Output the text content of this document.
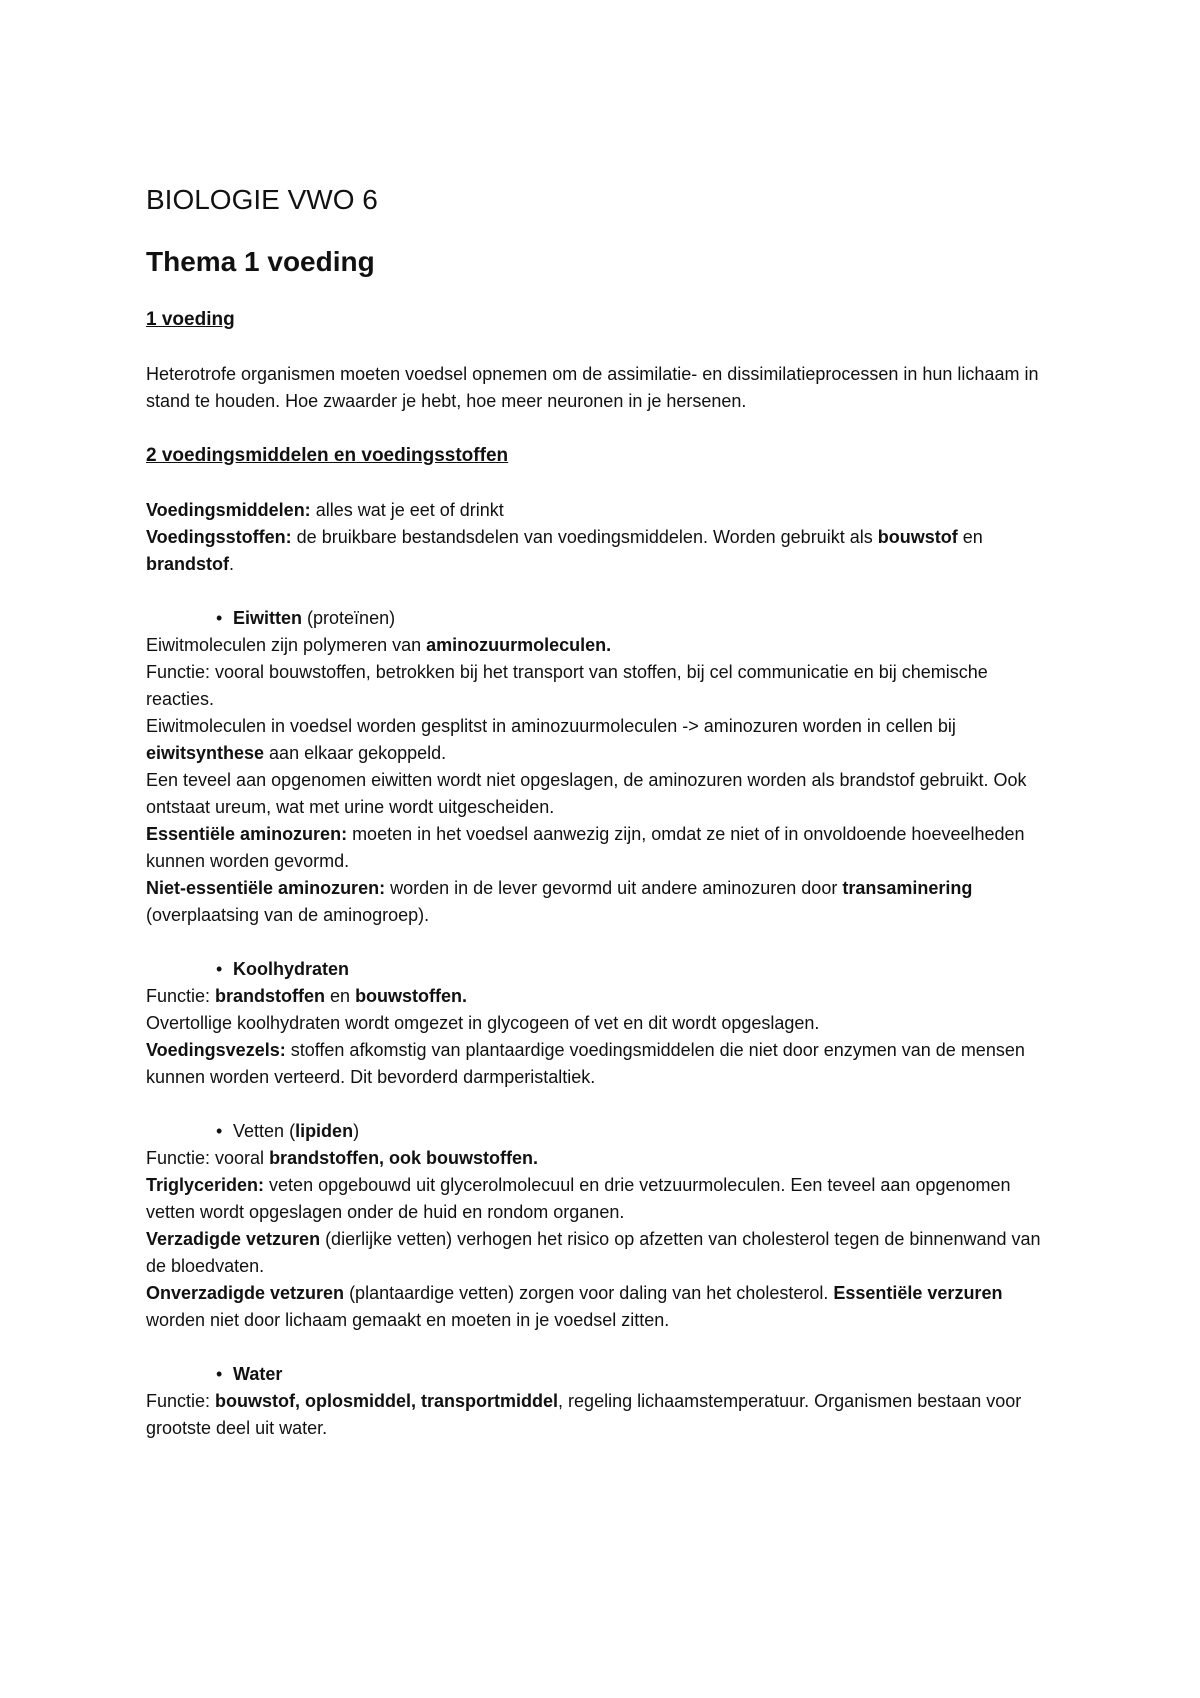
BIOLOGIE VWO 6
Thema 1 voeding
1 voeding

Heterotrofe organismen moeten voedsel opnemen om de assimilatie- en dissimilatieprocessen in hun lichaam in stand te houden. Hoe zwaarder je hebt, hoe meer neuronen in je hersenen.

2 voedingsmiddelen en voedingsstoffen

Voedingsmiddelen: alles wat je eet of drinkt

Voedingsstoffen: de bruikbare bestandsdelen van voedingsmiddelen. Worden gebruikt als bouwstof en brandstof.

• Eiwitten (proteïnen)

Eiwitmoleculen zijn polymeren van aminozuurmoleculen.

Functie: vooral bouwstoffen, betrokken bij het transport van stoffen, bij cel communicatie en bij chemische reacties.

Eiwitmoleculen in voedsel worden gesplitst in aminozuurmoleculen -> aminozuren worden in cellen bij eiwitsynthese aan elkaar gekoppeld.

Een teveel aan opgenomen eiwitten wordt niet opgeslagen, de aminozuren worden als brandstof gebruikt. Ook ontstaat ureum, wat met urine wordt uitgescheiden.

Essentiële aminozuren: moeten in het voedsel aanwezig zijn, omdat ze niet of in onvoldoende hoeveelheden kunnen worden gevormd.

Niet-essentiële aminozuren: worden in de lever gevormd uit andere aminozuren door transaminering (overplaatsing van de aminogroep).

• Koolhydraten

Functie: brandstoffen en bouwstoffen.

Overtollige koolhydraten wordt omgezet in glycogeen of vet en dit wordt opgeslagen.

Voedingsvezels: stoffen afkomstig van plantaardige voedingsmiddelen die niet door enzymen van de mensen kunnen worden verteerd. Dit bevorderd darmperistaltiek.

• Vetten (lipiden)

Functie: vooral brandstoffen, ook bouwstoffen.

Triglyceriden: veten opgebouwd uit glycerolmolecuul en drie vetzuurmoleculen. Een teveel aan opgenomen vetten wordt opgeslagen onder de huid en rondom organen.

Verzadigde vetzuren (dierlijke vetten) verhogen het risico op afzetten van cholesterol tegen de binnenwand van de bloedvaten.

Onverzadigde vetzuren (plantaardige vetten) zorgen voor daling van het cholesterol. Essentiële verzuren worden niet door lichaam gemaakt en moeten in je voedsel zitten.

• Water

Functie: bouwstof, oplosmiddel, transportmiddel, regeling lichaamstemperatuur. Organismen bestaan voor grootste deel uit water.
